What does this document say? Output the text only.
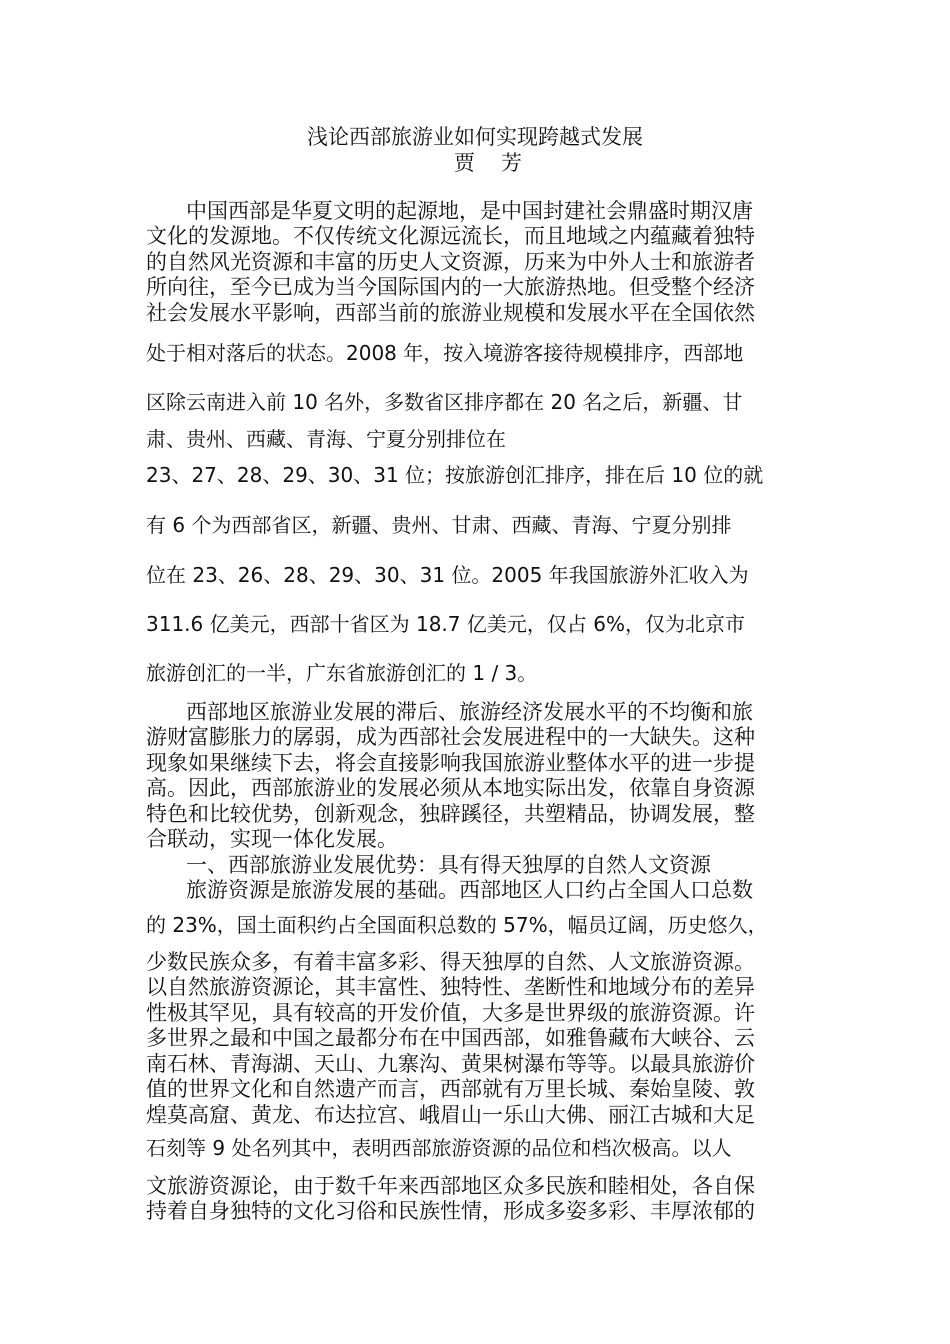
浅论西部旅游业如何实现跨越式发展
贾芳
中国西部是华夏文明的起源地，是中国封建社会鼎盛时期汉唐
文化的发源地。不仅传统文化源远流长，而且地域之内蕴藏着独特
的自然风光资源和丰富的历史人文资源，历来为中外人士和旅游者
所向往，至今已成为当今国际国内的一大旅游热地。但受整个经济
社会发展水平影响，西部当前的旅游业规模和发展水平在全国依然
处于相对落后的状态。2008 年，按入境游客接待规模排序，西部地
区除云南进入前 10 名外，多数省区排序都在 20 名之后，新疆、甘
肃、贵州、西藏、青海、宁夏分别排位在
23、27、28、29、30、31 位；按旅游创汇排序，排在后 10 位的就
有 6 个为西部省区，新疆、贵州、甘肃、西藏、青海、宁夏分别排
位在 23、26、28、29、30、31 位。2005 年我国旅游外汇收入为
311.6 亿美元，西部十省区为 18.7 亿美元，仅占 6%，仅为北京市
旅游创汇的一半，广东省旅游创汇的 1 / 3。
西部地区旅游业发展的滞后、旅游经济发展水平的不均衡和旅
游财富膨胀力的孱弱，成为西部社会发展进程中的一大缺失。这种
现象如果继续下去，将会直接影响我国旅游业整体水平的进一步提
高。因此，西部旅游业的发展必须从本地实际出发，依靠自身资源
特色和比较优势，创新观念，独辟蹊径，共塑精品，协调发展，整
合联动，实现一体化发展。
一、西部旅游业发展优势：具有得天独厚的自然人文资源
旅游资源是旅游发展的基础。西部地区人口约占全国人口总数
的 23%，国土面积约占全国面积总数的 57%，幅员辽阔，历史悠久，
少数民族众多，有着丰富多彩、得天独厚的自然、人文旅游资源。
以自然旅游资源论，其丰富性、独特性、垄断性和地域分布的差异
性极其罕见，具有较高的开发价值，大多是世界级的旅游资源。许
多世界之最和中国之最都分布在中国西部，如雅鲁藏布大峡谷、云
南石林、青海湖、天山、九寨沟、黄果树瀑布等等。以最具旅游价
值的世界文化和自然遗产而言，西部就有万里长城、秦始皇陵、敦
煌莫高窟、黄龙、布达拉宫、峨眉山一乐山大佛、丽江古城和大足
石刻等 9 处名列其中，表明西部旅游资源的品位和档次极高。以人
文旅游资源论，由于数千年来西部地区众多民族和睦相处，各自保
持着自身独特的文化习俗和民族性情，形成多姿多彩、丰厚浓郁的
